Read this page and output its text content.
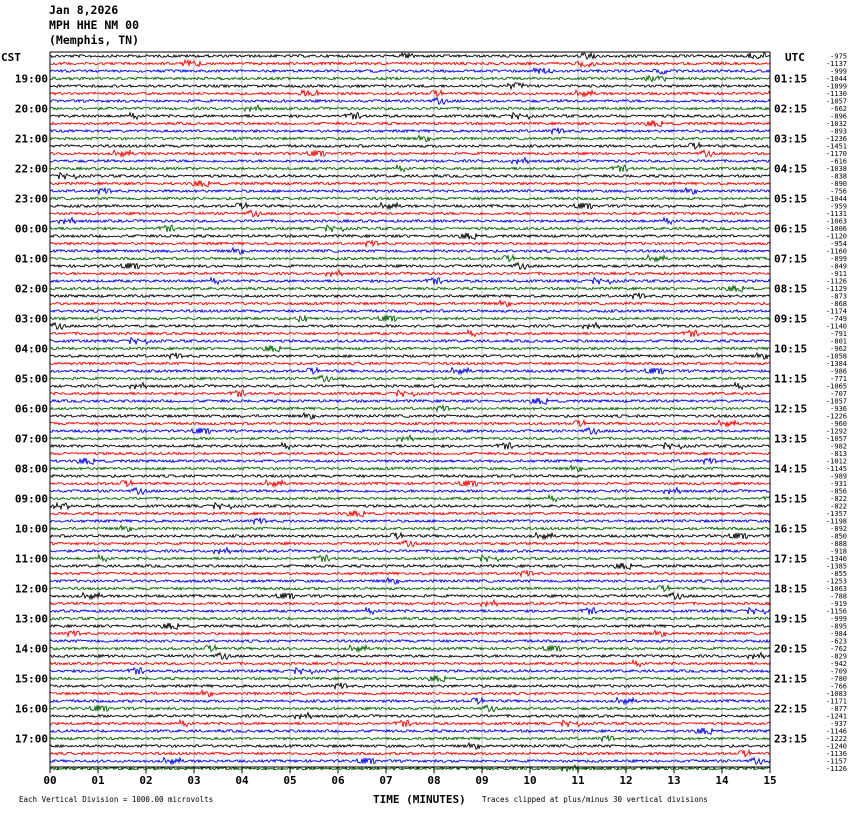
Jan 8,2026
MPH HHE NM 00
(Memphis, TN)
19:00
20:00
21:00
22:00
23:00
00:00
01:00
02:00
03:00
04:00
05:00
06:00
07:00
08:00
09:00
10:00
11:00
12:00
13:00
14:00
15:00
16:00
17:00
01:15
02:15
03:15
04:15
05:15
06:15
07:15
08:15
09:15
10:15
11:15
12:15
13:15
14:15
15:15
16:15
17:15
18:15
19:15
20:15
21:15
22:15
23:15
-975
-1137
-999
-1044
-1099
-1130
-1057
-662
-896
-1032
-893
-1236
-1451
-1170
-616
-1038
-838
-890
-756
-1044
-959
-1131
-1063
-1006
-1120
-954
-1160
-899
-849
-911
-1126
-1129
-873
-868
-1174
-749
-1140
-791
-801
-962
-1058
-1384
-986
-771
-1065
-707
-1057
-936
-1226
-960
-1292
-1057
-982
-813
-1012
-1145
-989
-931
-856
-822
-822
-1357
-1198
-892
-850
-888
-918
-1346
-1385
-855
-1253
-1063
-788
-919
-1156
-999
-895
-984
-623
-762
-829
-942
-709
-780
-766
-1083
-1171
-877
-1241
-937
-1146
-1222
-1240
-1136
-1157
-1126
00	01	02	03	04	05	06	07	08	09	10	11	12	13	14	15
CST	UTC
TIME (MINUTES)
Each Vertical Division = 1000.00 microvolts	Traces clipped at plus/minus 30 vertical divisions
